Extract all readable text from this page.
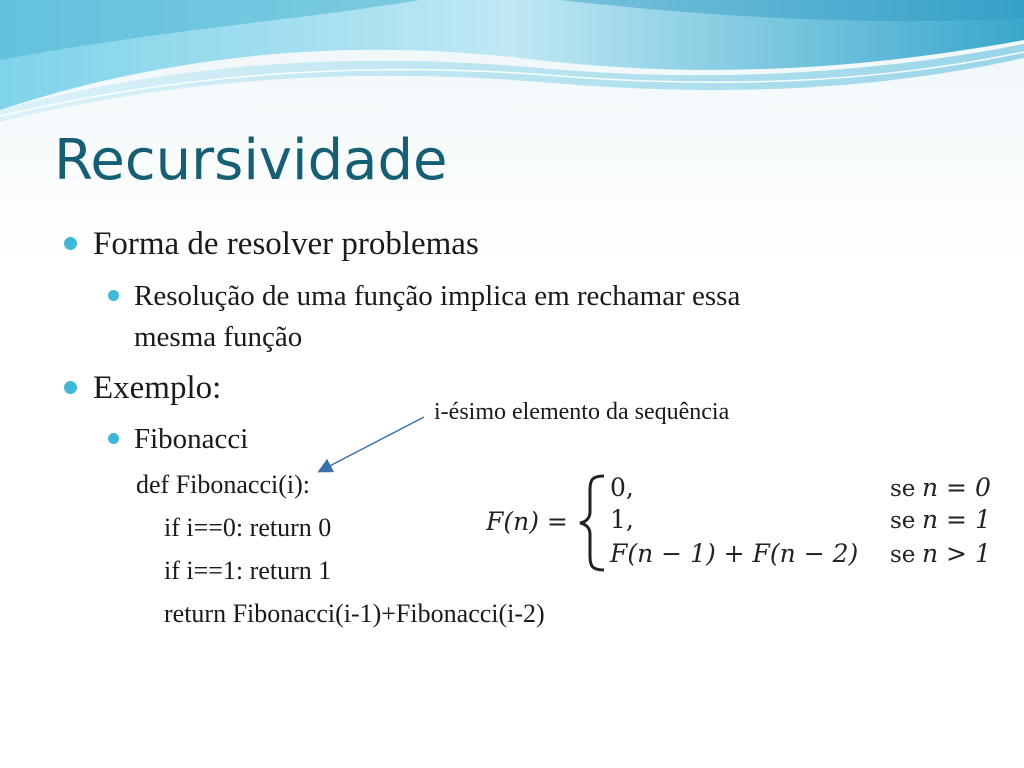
Recursividade
Forma de resolver problemas
Resolução de uma função implica em rechamar essa
mesma função
Exemplo:
Fibonacci
def Fibonacci(i):
if i==0: return 0
if i==1: return 1
return Fibonacci(i-1)+Fibonacci(i-2)
i-ésimo elemento da sequência
F(n) =
0,
1,
F(n − 1) + F(n − 2)
se n = 0
se n = 1
se n > 1
